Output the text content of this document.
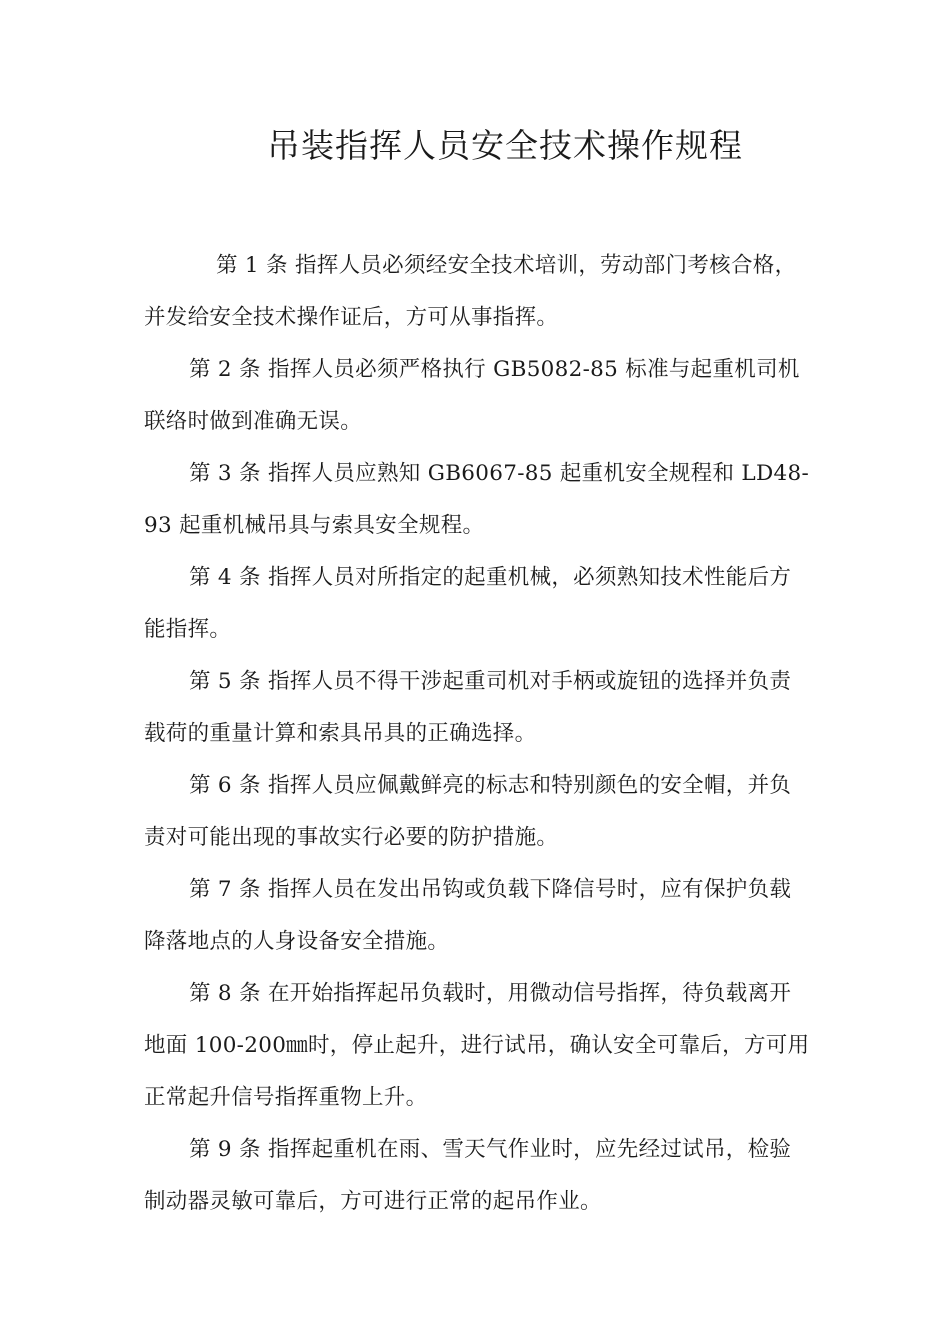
吊装指挥人员安全技术操作规程

第 1 条 指挥人员必须经安全技术培训，劳动部门考核合格，并发给安全技术操作证后，方可从事指挥。

第 2 条 指挥人员必须严格执行 GB5082-85 标准与起重机司机联络时做到准确无误。

第 3 条 指挥人员应熟知 GB6067-85 起重机安全规程和 LD48-93 起重机械吊具与索具安全规程。

第 4 条 指挥人员对所指定的起重机械，必须熟知技术性能后方能指挥。

第 5 条 指挥人员不得干涉起重司机对手柄或旋钮的选择并负责载荷的重量计算和索具吊具的正确选择。

第 6 条 指挥人员应佩戴鲜亮的标志和特别颜色的安全帽，并负责对可能出现的事故实行必要的防护措施。

第 7 条 指挥人员在发出吊钩或负载下降信号时，应有保护负载降落地点的人身设备安全措施。

第 8 条 在开始指挥起吊负载时，用微动信号指挥，待负载离开地面 100-200㎜时，停止起升，进行试吊，确认安全可靠后，方可用正常起升信号指挥重物上升。

第 9 条 指挥起重机在雨、雪天气作业时，应先经过试吊，检验制动器灵敏可靠后，方可进行正常的起吊作业。
